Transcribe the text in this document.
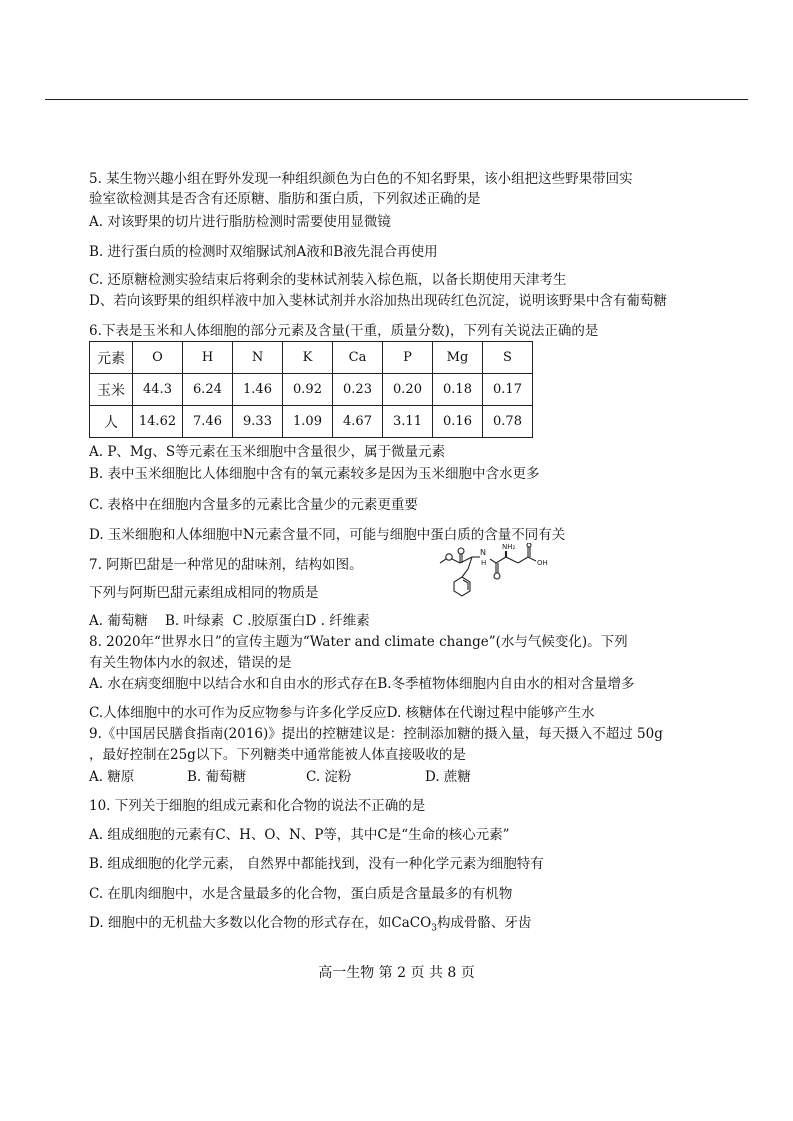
5. 某生物兴趣小组在野外发现一种组织颜色为白色的不知名野果，该小组把这些野果带回实
验室欲检测其是否含有还原糖、脂肪和蛋白质，下列叙述正确的是
A. 对该野果的切片进行脂肪检测时需要使用显微镜
B. 进行蛋白质的检测时双缩脲试剂A液和B液先混合再使用
C. 还原糖检测实验结束后将剩余的斐林试剂装入棕色瓶，以备长期使用天津考生
D、若向该野果的组织样液中加入斐林试剂并水浴加热出现砖红色沉淀，说明该野果中含有葡萄糖
6.下表是玉米和人体细胞的部分元素及含量(干重，质量分数)，下列有关说法正确的是
元素	O	H	N	K	Ca	P	Mg	S
玉米	44.3	6.24	1.46	0.92	0.23	0.20	0.18	0.17
人	14.62	7.46	9.33	1.09	4.67	3.11	0.16	0.78
A. P、Mg、S等元素在玉米细胞中含量很少，属于微量元素
B. 表中玉米细胞比人体细胞中含有的氧元素较多是因为玉米细胞中含水更多
C. 表格中在细胞内含量多的元素比含量少的元素更重要
D. 玉米细胞和人体细胞中N元素含量不同，可能与细胞中蛋白质的含量不同有关
7. 阿斯巴甜是一种常见的甜味剂，结构如图。
下列与阿斯巴甜元素组成相同的物质是
A. 葡萄糖    B. 叶绿素  C .胶原蛋白D . 纤维素
N
H
NH₂
OH
8. 2020年“世界水日”的宣传主题为“Water and climate change”(水与气候变化)。下列
有关生物体内水的叙述，错误的是
A. 水在病变细胞中以结合水和自由水的形式存在B.冬季植物体细胞内自由水的相对含量增多
C.人体细胞中的水可作为反应物参与许多化学反应D. 核糖体在代谢过程中能够产生水
9.《中国居民膳食指南(2016)》提出的控糖建议是：控制添加糖的摄入量，每天摄入不超过 50g
，最好控制在25g以下。下列糖类中通常能被人体直接吸收的是
A. 糖原	B. 葡萄糖	C. 淀粉	D. 蔗糖
10. 下列关于细胞的组成元素和化合物的说法不正确的是
A. 组成细胞的元素有C、H、O、N、P等，其中C是“生命的核心元素”
B. 组成细胞的化学元素， 自然界中都能找到，没有一种化学元素为细胞特有
C. 在肌肉细胞中，水是含量最多的化合物，蛋白质是含量最多的有机物
D. 细胞中的无机盐大多数以化合物的形式存在，如CaCO$_3$构成骨骼、牙齿
高一生物 第 2 页 共 8 页
